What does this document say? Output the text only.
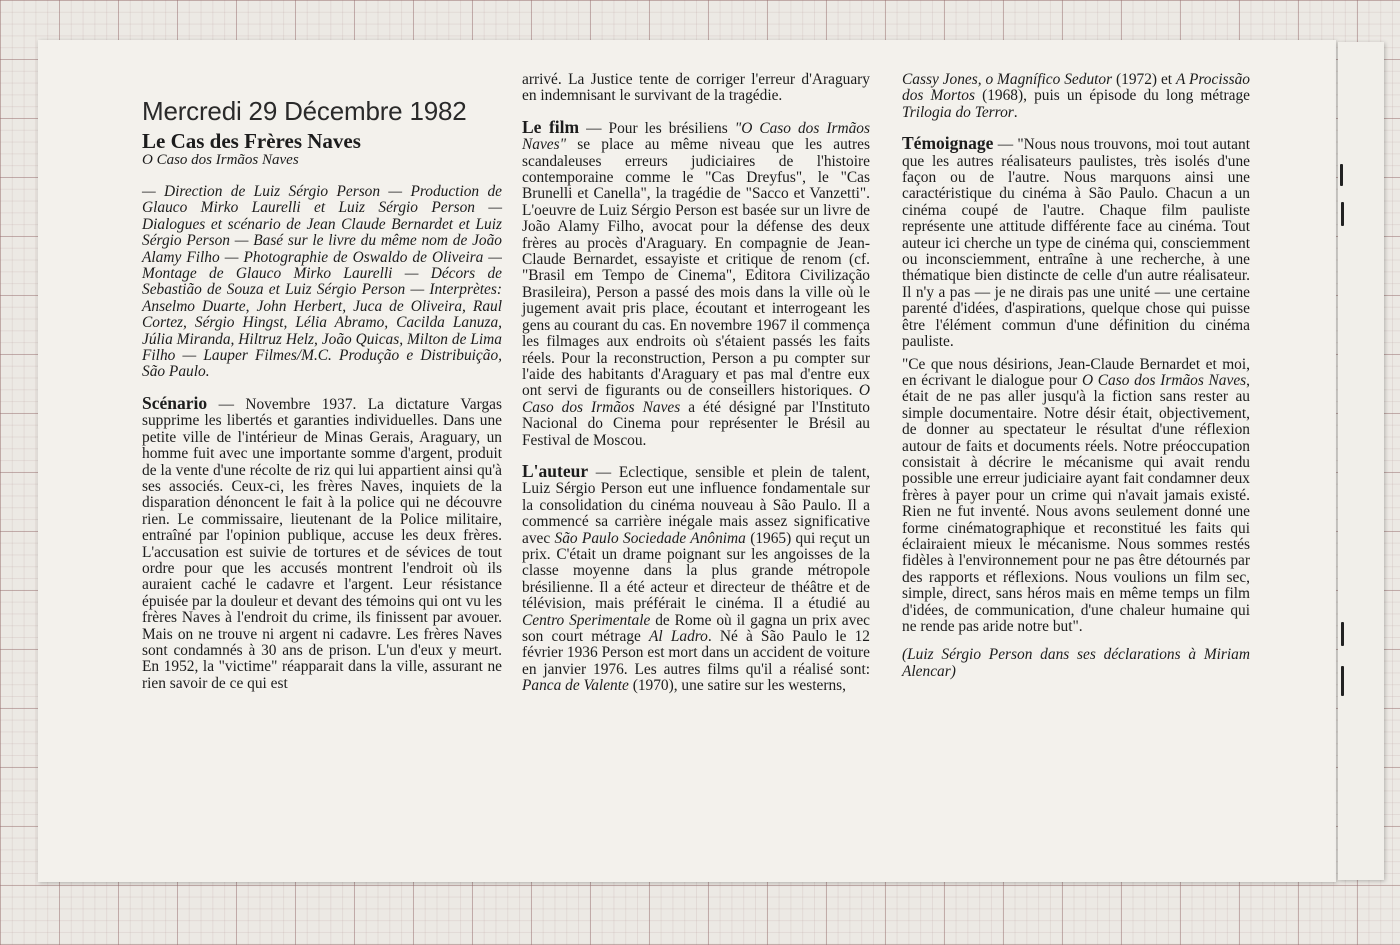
Mercredi 29 Décembre 1982
Le Cas des Frères Naves
O Caso dos Irmãos Naves

— Direction de Luiz Sérgio Person — Production de Glauco Mirko Laurelli et Luiz Sérgio Person — Dialogues et scénario de Jean Claude Bernardet et Luiz Sérgio Person — Basé sur le livre du même nom de João Alamy Filho — Photographie de Oswaldo de Oliveira — Montage de Glauco Mirko Laurelli — Décors de Sebastião de Souza et Luiz Sérgio Person — Interprètes: Anselmo Duarte, John Herbert, Juca de Oliveira, Raul Cortez, Sérgio Hingst, Lélia Abramo, Cacilda Lanuza, Júlia Miranda, Hiltruz Helz, João Quicas, Milton de Lima Filho — Lauper Filmes/M.C. Produção e Distribuição, São Paulo.

Scénario — Novembre 1937. La dictature Vargas supprime les libertés et garanties individuelles. Dans une petite ville de l'intérieur de Minas Gerais, Araguary, un homme fuit avec une importante somme d'argent, produit de la vente d'une récolte de riz qui lui appartient ainsi qu'à ses associés. Ceux-ci, les frères Naves, inquiets de la disparation dénoncent le fait à la police qui ne découvre rien. Le commissaire, lieutenant de la Police militaire, entraîné par l'opinion publique, accuse les deux frères. L'accusation est suivie de tortures et de sévices de tout ordre pour que les accusés montrent l'endroit où ils auraient caché le cadavre et l'argent. Leur résistance épuisée par la douleur et devant des témoins qui ont vu les frères Naves à l'endroit du crime, ils finissent par avouer. Mais on ne trouve ni argent ni cadavre. Les frères Naves sont condamnés à 30 ans de prison. L'un d'eux y meurt. En 1952, la "victime" réapparait dans la ville, assurant ne rien savoir de ce qui est

arrivé. La Justice tente de corriger l'erreur d'Araguary en indemnisant le survivant de la tragédie.

Le film — Pour les brésiliens "O Caso dos Irmãos Naves" se place au même niveau que les autres scandaleuses erreurs judiciaires de l'histoire contemporaine comme le "Cas Dreyfus", le "Cas Brunelli et Canella", la tragédie de "Sacco et Vanzetti". L'oeuvre de Luiz Sérgio Person est basée sur un livre de João Alamy Filho, avocat pour la défense des deux frères au procès d'Araguary. En compagnie de Jean-Claude Bernardet, essayiste et critique de renom (cf. "Brasil em Tempo de Cinema", Editora Civilização Brasileira), Person a passé des mois dans la ville où le jugement avait pris place, écoutant et interrogeant les gens au courant du cas. En novembre 1967 il commença les filmages aux endroits où s'étaient passés les faits réels. Pour la reconstruction, Person a pu compter sur l'aide des habitants d'Araguary et pas mal d'entre eux ont servi de figurants ou de conseillers historiques. O Caso dos Irmãos Naves a été désigné par l'Instituto Nacional do Cinema pour représenter le Brésil au Festival de Moscou.

L'auteur — Eclectique, sensible et plein de talent, Luiz Sérgio Person eut une influence fondamentale sur la consolidation du cinéma nouveau à São Paulo. Il a commencé sa carrière inégale mais assez significative avec São Paulo Sociedade Anônima (1965) qui reçut un prix. C'était un drame poignant sur les angoisses de la classe moyenne dans la plus grande métropole brésilienne. Il a été acteur et directeur de théâtre et de télévision, mais préférait le cinéma. Il a étudié au Centro Sperimentale de Rome où il gagna un prix avec son court métrage Al Ladro. Né à São Paulo le 12 février 1936 Person est mort dans un accident de voiture en janvier 1976. Les autres films qu'il a réalisé sont: Panca de Valente (1970), une satire sur les westerns,

Cassy Jones, o Magnífico Sedutor (1972) et A Procissão dos Mortos (1968), puis un épisode du long métrage Trilogia do Terror.

Témoignage — "Nous nous trouvons, moi tout autant que les autres réalisateurs paulistes, très isolés d'une façon ou de l'autre. Nous marquons ainsi une caractéristique du cinéma à São Paulo. Chacun a un cinéma coupé de l'autre. Chaque film pauliste représente une attitude différente face au cinéma. Tout auteur ici cherche un type de cinéma qui, consciemment ou inconsciemment, entraîne à une recherche, à une thématique bien distincte de celle d'un autre réalisateur. Il n'y a pas — je ne dirais pas une unité — une certaine parenté d'idées, d'aspirations, quelque chose qui puisse être l'élément commun d'une définition du cinéma pauliste.

"Ce que nous désirions, Jean-Claude Bernardet et moi, en écrivant le dialogue pour O Caso dos Irmãos Naves, était de ne pas aller jusqu'à la fiction sans rester au simple documentaire. Notre désir était, objectivement, de donner au spectateur le résultat d'une réflexion autour de faits et documents réels. Notre préoccupation consistait à décrire le mécanisme qui avait rendu possible une erreur judiciaire ayant fait condamner deux frères à payer pour un crime qui n'avait jamais existé. Rien ne fut inventé. Nous avons seulement donné une forme cinématographique et reconstitué les faits qui éclairaient mieux le mécanisme. Nous sommes restés fidèles à l'environnement pour ne pas être détournés par des rapports et réflexions. Nous voulions un film sec, simple, direct, sans héros mais en même temps un film d'idées, de communication, d'une chaleur humaine qui ne rende pas aride notre but".

(Luiz Sérgio Person dans ses déclarations à Miriam Alencar)
